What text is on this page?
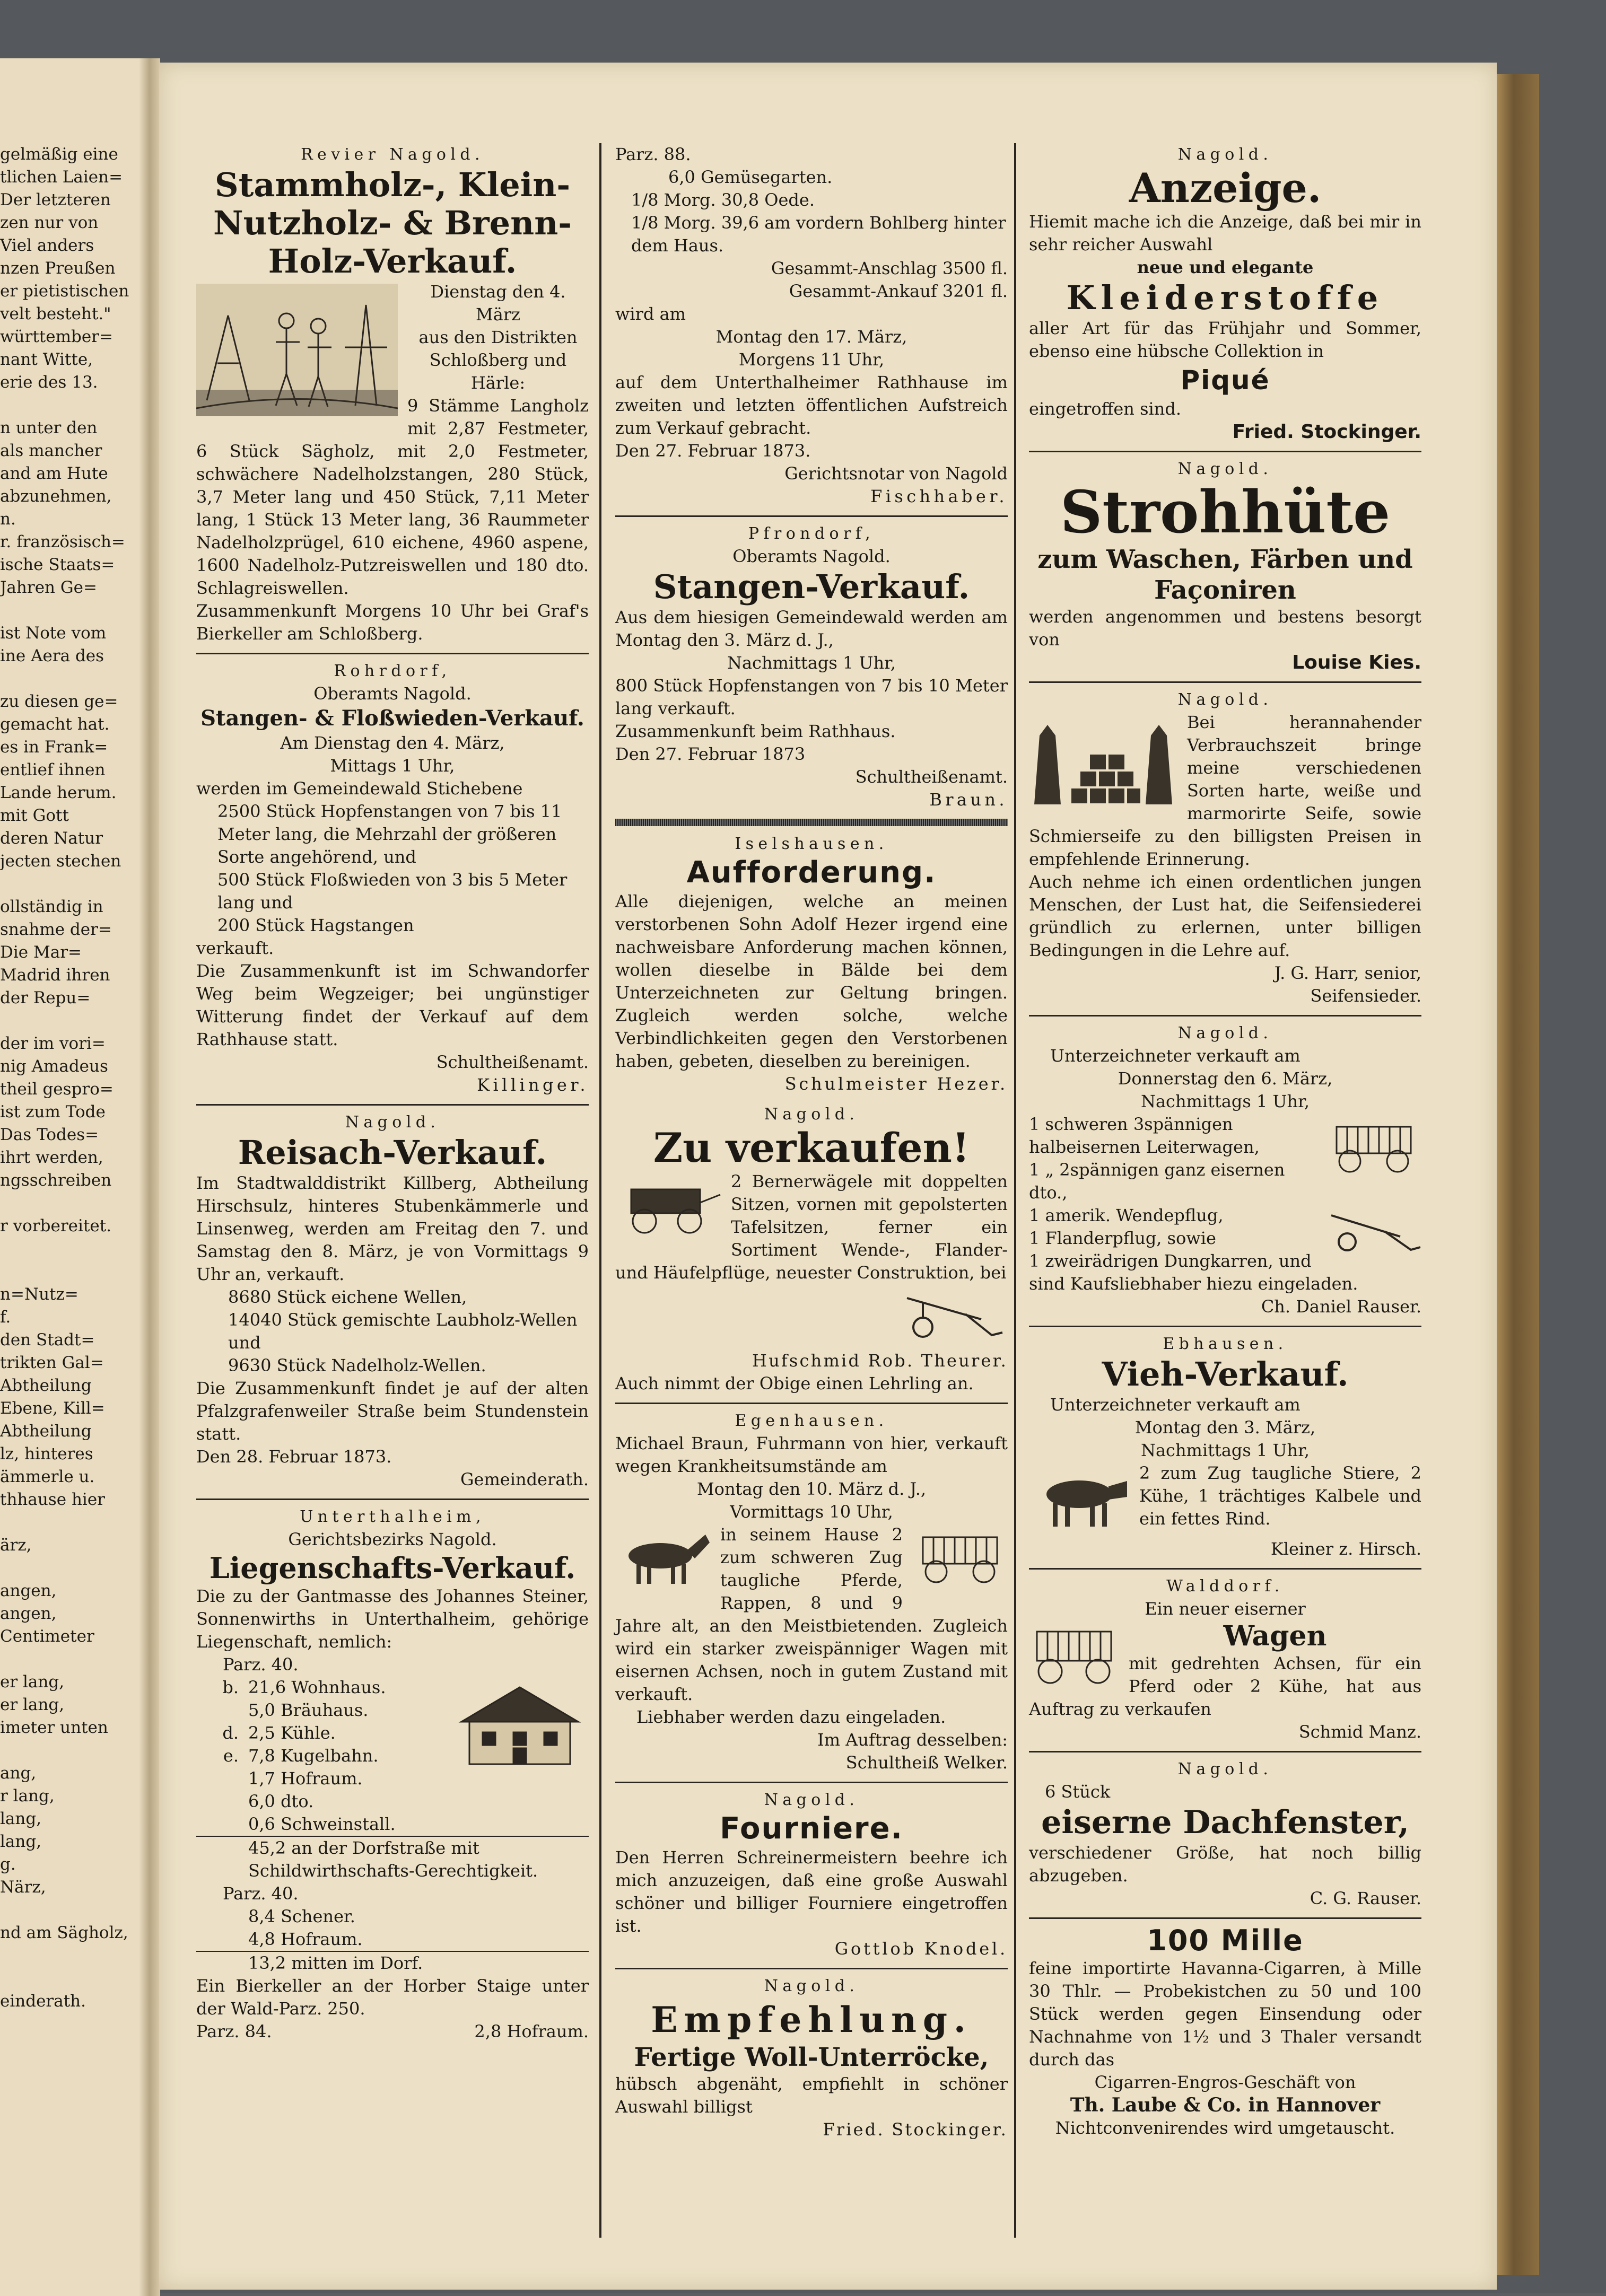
gelmäßig eine
tlichen Laien=
Der letzteren
zen nur von
Viel anders
nzen Preußen
er pietistischen
velt besteht."
württember=
nant Witte,
erie des 13.

n unter den
als mancher
and am Hute
abzunehmen,
n.
r. französisch=
ische Staats=
Jahren Ge=

ist Note vom
ine Aera des

zu diesen ge=
gemacht hat.
es in Frank=
entlief ihnen
Lande herum.
mit Gott
deren Natur
jecten stechen

ollständig in
snahme der=
Die Mar=
Madrid ihren
der Repu=

der im vori=
nig Amadeus
theil gespro=
ist zum Tode
Das Todes=
ihrt werden,
ngsschreiben

r vorbereitet.

n=Nutz=
f.
den Stadt=
trikten Gal=
Abtheilung
Ebene, Kill=
Abtheilung
lz, hinteres
ämmerle u.
thhause hier

ärz,

angen,
angen,
Centimeter

er lang,
er lang,
imeter unten

ang,
r lang,
lang,
lang,
g.
Närz,

nd am Sägholz,

einderath.
Revier Nagold.
Stammholz-, Klein-Nutzholz- & Brenn-Holz-Verkauf.
Dienstag den 4.
März
aus den Distrikten
Schloßberg und
Härle:
9 Stämme Langholz mit 2,87 Festmeter, 6 Stück Sägholz, mit 2,0 Festmeter, schwächere Nadelholzstangen, 280 Stück, 3,7 Meter lang und 450 Stück, 7,11 Meter lang, 1 Stück 13 Meter lang, 36 Raummeter Nadelholzprügel, 610 eichene, 4960 aspene, 1600 Nadelholz-Putzreiswellen und 180 dto. Schlagreiswellen.
Zusammenkunft Morgens 10 Uhr bei Graf's Bierkeller am Schloßberg.
Rohrdorf,
Oberamts Nagold.
Stangen- & Floßwieden-Verkauf.
Am Dienstag den 4. März,
Mittags 1 Uhr,
werden im Gemeindewald Stichebene
2500 Stück Hopfenstangen von 7 bis 11 Meter lang, die Mehrzahl der größeren Sorte angehörend, und
500 Stück Floßwieden von 3 bis 5 Meter lang und
200 Stück Hagstangen
verkauft.
Die Zusammenkunft ist im Schwandorfer Weg beim Wegzeiger; bei ungünstiger Witterung findet der Verkauf auf dem Rathhause statt.
Schultheißenamt.
Killinger.
Nagold.
Reisach-Verkauf.
Im Stadtwalddistrikt Killberg, Abtheilung Hirschsulz, hinteres Stubenkämmerle und Linsenweg, werden am Freitag den 7. und Samstag den 8. März, je von Vormittags 9 Uhr an, verkauft.
8680 Stück eichene Wellen,
14040 Stück gemischte Laubholz-Wellen und
9630 Stück Nadelholz-Wellen.
Die Zusammenkunft findet je auf der alten Pfalzgrafenweiler Straße beim Stundenstein statt.
Den 28. Februar 1873.
Gemeinderath.
Unterthalheim,
Gerichtsbezirks Nagold.
Liegenschafts-Verkauf.
Die zu der Gantmasse des Johannes Steiner, Sonnenwirths in Unterthalheim, gehörige Liegenschaft, nemlich:
Parz. 40.
b. 21,6 Wohnhaus.
5,0 Bräuhaus.
d. 2,5 Kühle.
e. 7,8 Kugelbahn.
1,7 Hofraum.
6,0 dto.
0,6 Schweinstall.
45,2 an der Dorfstraße mit Schildwirthschafts-Gerechtigkeit.
Parz. 40.
8,4 Schener.
4,8 Hofraum.
13,2 mitten im Dorf.
Ein Bierkeller an der Horber Staige unter der Wald-Parz. 250.
Parz. 84.	2,8 Hofraum.
Parz. 88.
6,0 Gemüsegarten.
1/8 Morg. 30,8 Oede.
1/8 Morg. 39,6 am vordern Bohlberg hinter dem Haus.
Gesammt-Anschlag 3500 fl.
Gesammt-Ankauf 3201 fl.
wird am
Montag den 17. März,
Morgens 11 Uhr,
auf dem Unterthalheimer Rathhause im zweiten und letzten öffentlichen Aufstreich zum Verkauf gebracht.
Den 27. Februar 1873.
Gerichtsnotar von Nagold
Fischhaber.
Pfrondorf,
Oberamts Nagold.
Stangen-Verkauf.
Aus dem hiesigen Gemeindewald werden am Montag den 3. März d. J.,
Nachmittags 1 Uhr,
800 Stück Hopfenstangen von 7 bis 10 Meter lang verkauft.
Zusammenkunft beim Rathhaus.
Den 27. Februar 1873
Schultheißenamt.
Braun.
Iselshausen.
Aufforderung.
Alle diejenigen, welche an meinen verstorbenen Sohn Adolf Hezer irgend eine nachweisbare Anforderung machen können, wollen dieselbe in Bälde bei dem Unterzeichneten zur Geltung bringen. Zugleich werden solche, welche Verbindlichkeiten gegen den Verstorbenen haben, gebeten, dieselben zu bereinigen.
Schulmeister Hezer.
Nagold.
Zu verkaufen!
2 Bernerwägele mit doppelten Sitzen, vornen mit gepolsterten Tafelsitzen, ferner ein Sortiment Wende-, Flander- und Häufelpflüge, neuester Construktion, bei
Hufschmid Rob. Theurer.
Auch nimmt der Obige einen Lehrling an.
Egenhausen.
Michael Braun, Fuhrmann von hier, verkauft wegen Krankheitsumstände am
Montag den 10. März d. J.,
Vormittags 10 Uhr,
in seinem Hause 2 zum schweren Zug taugliche Pferde, Rappen, 8 und 9 Jahre alt, an den Meistbietenden. Zugleich wird ein starker zweispänniger Wagen mit eisernen Achsen, noch in gutem Zustand mit verkauft.
Liebhaber werden dazu eingeladen.
Im Auftrag desselben:
Schultheiß Welker.
Nagold.
Fourniere.
Den Herren Schreinermeistern beehre ich mich anzuzeigen, daß eine große Auswahl schöner und billiger Fourniere eingetroffen ist.
Gottlob Knodel.
Nagold.
Empfehlung.
Fertige Woll-Unterröcke,
hübsch abgenäht, empfiehlt in schöner Auswahl billigst
Fried. Stockinger.
Nagold.
Anzeige.
Hiemit mache ich die Anzeige, daß bei mir in sehr reicher Auswahl
neue und elegante
Kleiderstoffe
aller Art für das Frühjahr und Sommer, ebenso eine hübsche Collektion in
Piqué
eingetroffen sind.
Fried. Stockinger.
Nagold.
Strohhüte
zum Waschen, Färben und
Façoniren
werden angenommen und bestens besorgt von
Louise Kies.
Nagold.
Bei herannahender Verbrauchszeit bringe meine verschiedenen Sorten harte, weiße und marmorirte Seife, sowie Schmierseife zu den billigsten Preisen in empfehlende Erinnerung.
Auch nehme ich einen ordentlichen jungen Menschen, der Lust hat, die Seifensiederei gründlich zu erlernen, unter billigen Bedingungen in die Lehre auf.
J. G. Harr, senior,
Seifensieder.
Nagold.
Unterzeichneter verkauft am
Donnerstag den 6. März,
Nachmittags 1 Uhr,
1 schweren 3spännigen halbeisernen Leiterwagen,
1 „ 2spännigen ganz eisernen dto.,
1 amerik. Wendepflug,
1 Flanderpflug, sowie
1 zweirädrigen Dungkarren, und sind Kaufsliebhaber hiezu eingeladen.
Ch. Daniel Rauser.
Ebhausen.
Vieh-Verkauf.
Unterzeichneter verkauft am
Montag den 3. März,
Nachmittags 1 Uhr,
2 zum Zug taugliche Stiere, 2 Kühe, 1 trächtiges Kalbele und ein fettes Rind.
Kleiner z. Hirsch.
Walddorf.
Ein neuer eiserner
Wagen
mit gedrehten Achsen, für ein Pferd oder 2 Kühe, hat aus Auftrag zu verkaufen
Schmid Manz.
Nagold.
6 Stück
eiserne Dachfenster,
verschiedener Größe, hat noch billig abzugeben.
C. G. Rauser.
100 Mille
feine importirte Havanna-Cigarren, à Mille 30 Thlr. — Probekistchen zu 50 und 100 Stück werden gegen Einsendung oder Nachnahme von 1½ und 3 Thaler versandt durch das
Cigarren-Engros-Geschäft von
Th. Laube & Co. in Hannover
Nichtconvenirendes wird umgetauscht.
